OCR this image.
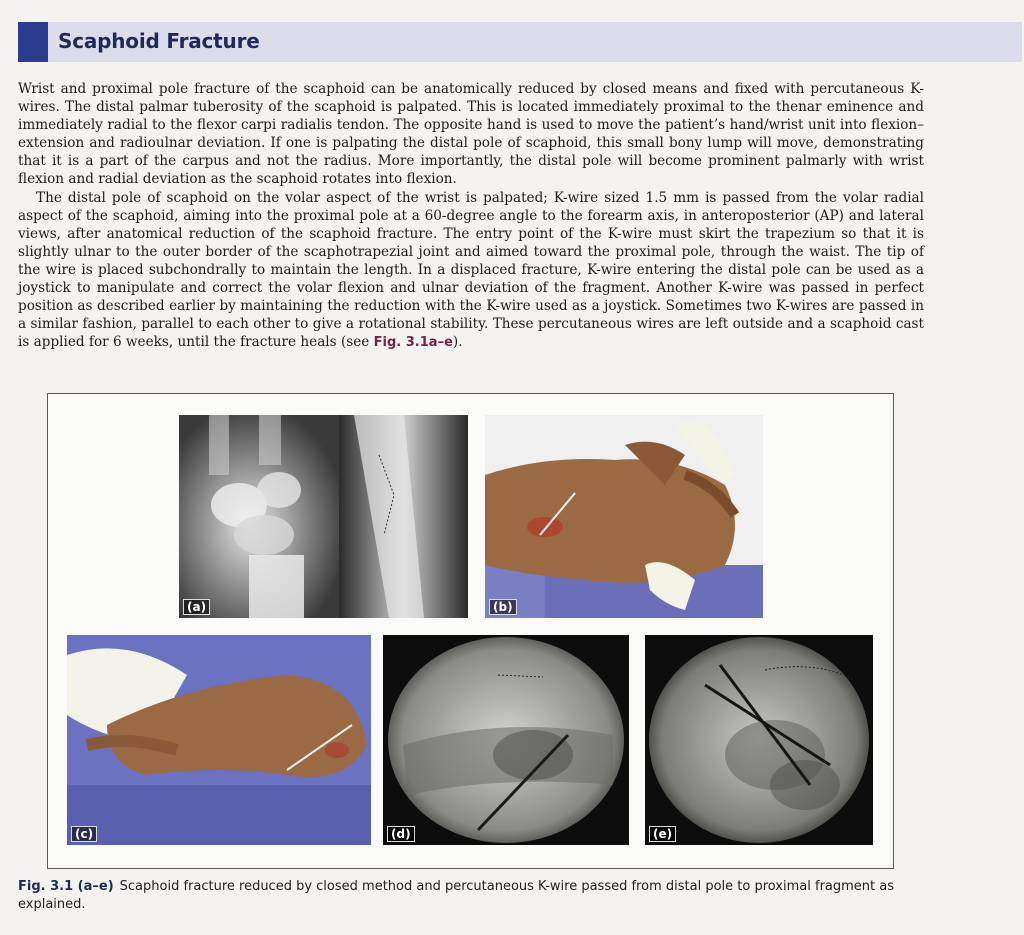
Scaphoid Fracture

Wrist and proximal pole fracture of the scaphoid can be anatomically reduced by closed means and fixed with percutaneous K-wires. The distal palmar tuberosity of the scaphoid is palpated. This is located immediately proximal to the thenar eminence and immediately radial to the flexor carpi radialis tendon. The opposite hand is used to move the patient’s hand/wrist unit into flexion–extension and radioulnar deviation. If one is palpating the distal pole of scaphoid, this small bony lump will move, demonstrating that it is a part of the carpus and not the radius. More importantly, the distal pole will become prominent palmarly with wrist flexion and radial deviation as the scaphoid rotates into flexion.

The distal pole of scaphoid on the volar aspect of the wrist is palpated; K-wire sized 1.5 mm is passed from the volar radial aspect of the scaphoid, aiming into the proximal pole at a 60-degree angle to the forearm axis, in anteroposterior (AP) and lateral views, after anatomical reduction of the scaphoid fracture. The entry point of the K-wire must skirt the trapezium so that it is slightly ulnar to the outer border of the scaphotrapezial joint and aimed toward the proximal pole, through the waist. The tip of the wire is placed subchondrally to maintain the length. In a displaced fracture, K-wire entering the distal pole can be used as a joystick to manipulate and correct the volar flexion and ulnar deviation of the fragment. Another K-wire was passed in perfect position as described earlier by maintaining the reduction with the K-wire used as a joystick. Sometimes two K-wires are passed in a similar fashion, parallel to each other to give a rotational stability. These percutaneous wires are left outside and a scaphoid cast is applied for 6 weeks, until the fracture heals (see Fig. 3.1a–e).

(a)	(b)
(c)	(d)	(e)

Fig. 3.1 (a–e) Scaphoid fracture reduced by closed method and percutaneous K-wire passed from distal pole to proximal fragment as explained.
